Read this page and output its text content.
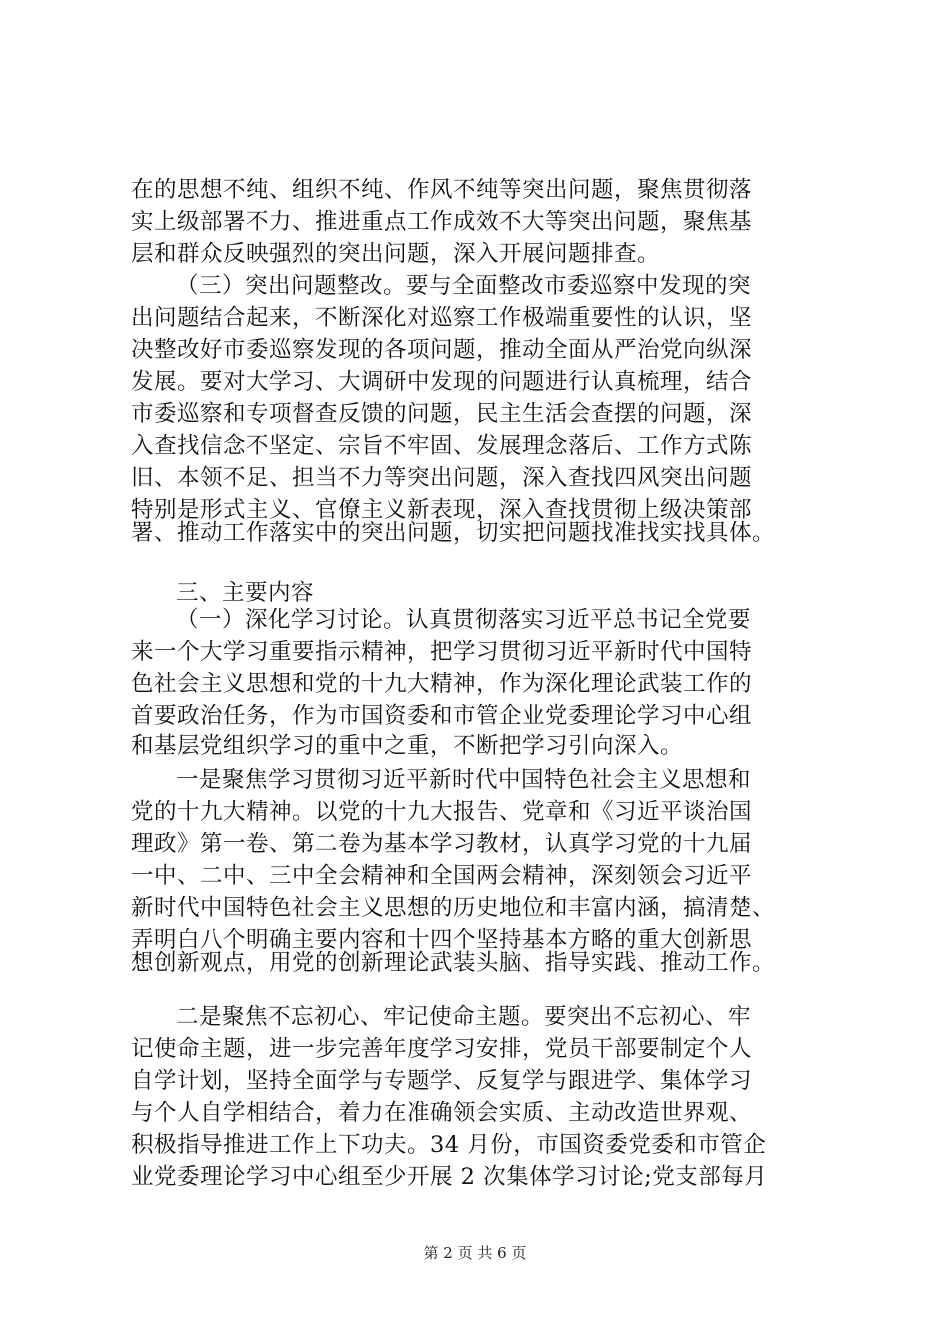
在的思想不纯、组织不纯、作风不纯等突出问题，聚焦贯彻落
实上级部署不力、推进重点工作成效不大等突出问题，聚焦基
层和群众反映强烈的突出问题，深入开展问题排查。
（三）突出问题整改。要与全面整改市委巡察中发现的突
出问题结合起来，不断深化对巡察工作极端重要性的认识，坚
决整改好市委巡察发现的各项问题，推动全面从严治党向纵深
发展。要对大学习、大调研中发现的问题进行认真梳理，结合
市委巡察和专项督查反馈的问题，民主生活会查摆的问题，深
入查找信念不坚定、宗旨不牢固、发展理念落后、工作方式陈
旧、本领不足、担当不力等突出问题，深入查找四风突出问题
特别是形式主义、官僚主义新表现，深入查找贯彻上级决策部
署、推动工作落实中的突出问题，切实把问题找准找实找具体。
三、主要内容
（一）深化学习讨论。认真贯彻落实习近平总书记全党要
来一个大学习重要指示精神，把学习贯彻习近平新时代中国特
色社会主义思想和党的十九大精神，作为深化理论武装工作的
首要政治任务，作为市国资委和市管企业党委理论学习中心组
和基层党组织学习的重中之重，不断把学习引向深入。
一是聚焦学习贯彻习近平新时代中国特色社会主义思想和
党的十九大精神。以党的十九大报告、党章和《习近平谈治国
理政》第一卷、第二卷为基本学习教材，认真学习党的十九届
一中、二中、三中全会精神和全国两会精神，深刻领会习近平
新时代中国特色社会主义思想的历史地位和丰富内涵，搞清楚、
弄明白八个明确主要内容和十四个坚持基本方略的重大创新思
想创新观点，用党的创新理论武装头脑、指导实践、推动工作。
二是聚焦不忘初心、牢记使命主题。要突出不忘初心、牢
记使命主题，进一步完善年度学习安排，党员干部要制定个人
自学计划，坚持全面学与专题学、反复学与跟进学、集体学习
与个人自学相结合，着力在准确领会实质、主动改造世界观、
积极指导推进工作上下功夫。34 月份，市国资委党委和市管企
业党委理论学习中心组至少开展 2 次集体学习讨论;党支部每月
第 2 页 共 6 页
